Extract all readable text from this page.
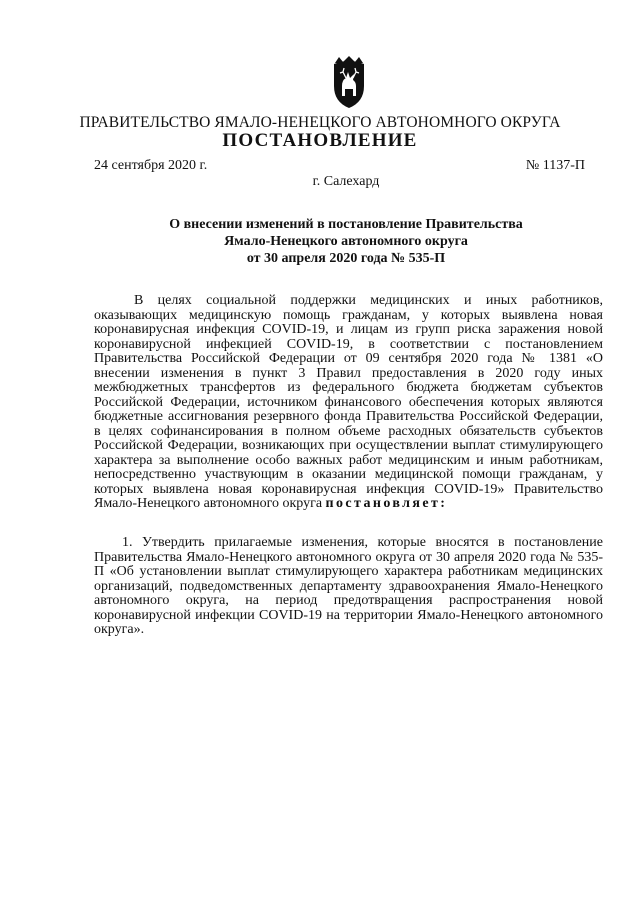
ПРАВИТЕЛЬСТВО ЯМАЛО-НЕНЕЦКОГО АВТОНОМНОГО ОКРУГА
ПОСТАНОВЛЕНИЕ
24 сентября 2020 г.	№ 1137-П
г. Салехард
О внесении изменений в постановление Правительства
Ямало-Ненецкого автономного округа
от 30 апреля 2020 года № 535-П

В целях социальной поддержки медицинских и иных работников, оказывающих медицинскую помощь гражданам, у которых выявлена новая коронавирусная инфекция COVID-19, и лицам из групп риска заражения новой коронавирусной инфекцией COVID-19, в соответствии с постановлением Правительства Российской Федерации от 09 сентября 2020 года № 1381 «О внесении изменения в пункт 3 Правил предоставления в 2020 году иных межбюджетных трансфертов из федерального бюджета бюджетам субъектов Российской Федерации, источником финансового обеспечения которых являются бюджетные ассигнования резервного фонда Правительства Российской Федерации, в целях софинансирования в полном объеме расходных обязательств субъектов Российской Федерации, возникающих при осуществлении выплат стимулирующего характера за выполнение особо важных работ медицинским и иным работникам, непосредственно участвующим в оказании медицинской помощи гражданам, у которых выявлена новая коронавирусная инфекция COVID-19» Правительство Ямало-Ненецкого автономного округа постановляет:

1. Утвердить прилагаемые изменения, которые вносятся в постановление Правительства Ямало-Ненецкого автономного округа от 30 апреля 2020 года № 535-П «Об установлении выплат стимулирующего характера работникам медицинских организаций, подведомственных департаменту здравоохранения Ямало-Ненецкого автономного округа, на период предотвращения распространения новой коронавирусной инфекции COVID-19 на территории Ямало-Ненецкого автономного округа».
